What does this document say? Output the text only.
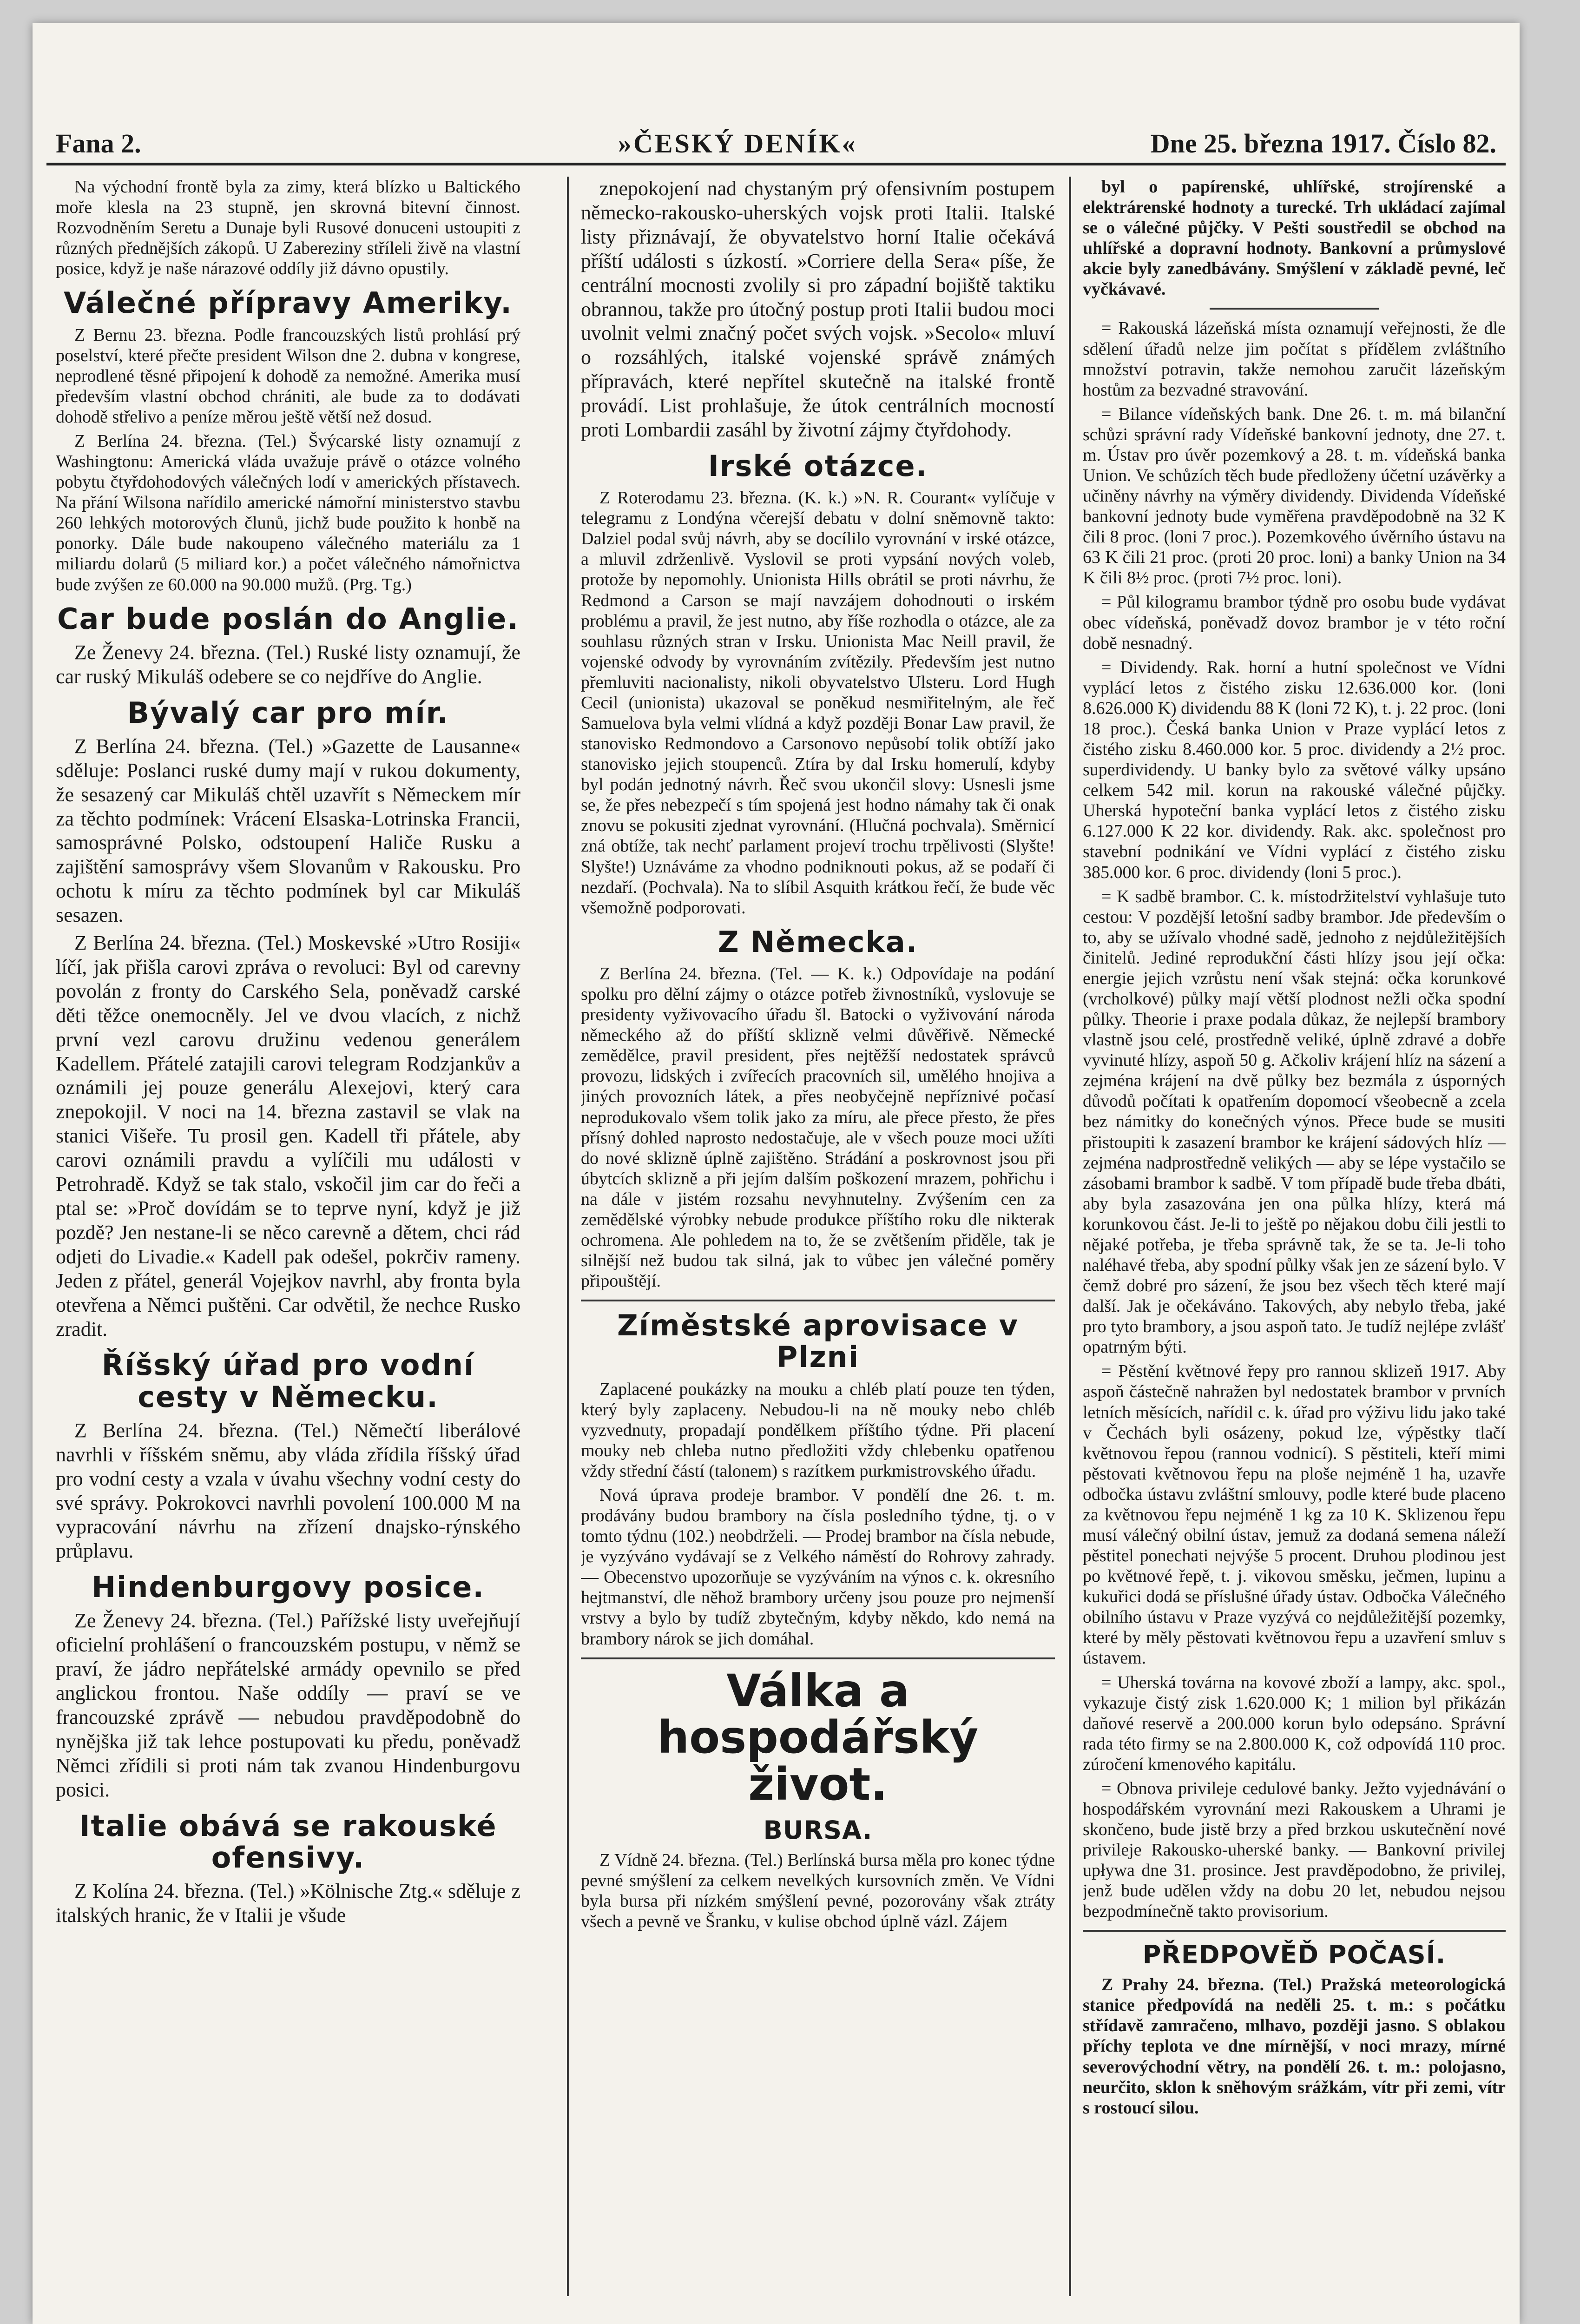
Fana 2.	»ČESKÝ DENÍK«	Dne 25. března 1917. Číslo 82.

Na východní frontě byla za zimy, která blízko u Baltického moře klesla na 23 stupně, jen skrovná bitevní činnost. Rozvodněním Seretu a Dunaje byli Rusové donuceni ustoupiti z různých přednějších zákopů. U Zabereziny stříleli živě na vlastní posice, když je naše nárazové oddíly již dávno opustily.

Válečné přípravy Ameriky.

Z Bernu 23. března. Podle francouzských listů prohlásí prý poselství, které přečte president Wilson dne 2. dubna v kongrese, neprodlené těsné připojení k dohodě za nemožné. Amerika musí především vlastní obchod chrániti, ale bude za to dodávati dohodě střelivo a peníze měrou ještě větší než dosud.

Z Berlína 24. března. (Tel.) Švýcarské listy oznamují z Washingtonu: Americká vláda uvažuje právě o otázce volného pobytu čtyřdohodových válečných lodí v amerických přístavech. Na přání Wilsona nařídilo americké námořní ministerstvo stavbu 260 lehkých motorových člunů, jichž bude použito k honbě na ponorky. Dále bude nakoupeno válečného materiálu za 1 miliardu dolarů (5 miliard kor.) a počet válečného námořnictva bude zvýšen ze 60.000 na 90.000 mužů. (Prg. Tg.)

Car bude poslán do Anglie.

Ze Ženevy 24. března. (Tel.) Ruské listy oznamují, že car ruský Mikuláš odebere se co nejdříve do Anglie.

Bývalý car pro mír.

Z Berlína 24. března. (Tel.) »Gazette de Lausanne« sděluje: Poslanci ruské dumy mají v rukou dokumenty, že sesazený car Mikuláš chtěl uzavřít s Německem mír za těchto podmínek: Vrácení Elsaska-Lotrinska Francii, samosprávné Polsko, odstoupení Haliče Rusku a zajištění samosprávy všem Slovanům v Rakousku. Pro ochotu k míru za těchto podmínek byl car Mikuláš sesazen.

Z Berlína 24. března. (Tel.) Moskevské »Utro Rosiji« líčí, jak přišla carovi zpráva o revoluci: Byl od carevny povolán z fronty do Carského Sela, poněvadž carské děti těžce onemocněly. Jel ve dvou vlacích, z nichž první vezl carovu družinu vedenou generálem Kadellem. Přátelé zatajili carovi telegram Rodzjankův a oznámili jej pouze generálu Alexejovi, který cara znepokojil. V noci na 14. března zastavil se vlak na stanici Višeře. Tu prosil gen. Kadell tři přátele, aby carovi oznámili pravdu a vylíčili mu události v Petrohradě. Když se tak stalo, vskočil jim car do řeči a ptal se: »Proč dovídám se to teprve nyní, když je již pozdě? Jen nestane-li se něco carevně a dětem, chci rád odjeti do Livadie.« Kadell pak odešel, pokrčiv rameny. Jeden z přátel, generál Vojejkov navrhl, aby fronta byla otevřena a Němci puštěni. Car odvětil, že nechce Rusko zradit.

Říšský úřad pro vodní cesty v Německu.

Z Berlína 24. března. (Tel.) Němečtí liberálové navrhli v říšském sněmu, aby vláda zřídila říšský úřad pro vodní cesty a vzala v úvahu všechny vodní cesty do své správy. Pokrokovci navrhli povolení 100.000 M na vypracování návrhu na zřízení dnajsko-rýnského průplavu.

Hindenburgovy posice.

Ze Ženevy 24. března. (Tel.) Pařížské listy uveřejňují oficielní prohlášení o francouzském postupu, v němž se praví, že jádro nepřátelské armády opevnilo se před anglickou frontou. Naše oddíly — praví se ve francouzské zprávě — nebudou pravděpodobně do nynějška již tak lehce postupovati ku předu, poněvadž Němci zřídili si proti nám tak zvanou Hindenburgovu posici.

Italie obává se rakouské ofensivy.

Z Kolína 24. března. (Tel.) »Kölnische Ztg.« sděluje z italských hranic, že v Italii je všude

znepokojení nad chystaným prý ofensivním postupem německo-rakousko-uherských vojsk proti Italii. Italské listy přiznávají, že obyvatelstvo horní Italie očekává příští události s úzkostí. »Corriere della Sera« píše, že centrální mocnosti zvolily si pro západní bojiště taktiku obrannou, takže pro útočný postup proti Italii budou moci uvolnit velmi značný počet svých vojsk. »Secolo« mluví o rozsáhlých, italské vojenské správě známých přípravách, které nepřítel skutečně na italské frontě provádí. List prohlašuje, že útok centrálních mocností proti Lombardii zasáhl by životní zájmy čtyřdohody.

Irské otázce.

Z Roterodamu 23. března. (K. k.) »N. R. Courant« vylíčuje v telegramu z Londýna včerejší debatu v dolní sněmovně takto: Dalziel podal svůj návrh, aby se docílilo vyrovnání v irské otázce, a mluvil zdrženlivě. Vyslovil se proti vypsání nových voleb, protože by nepomohly. Unionista Hills obrátil se proti návrhu, že Redmond a Carson se mají navzájem dohodnouti o irském problému a pravil, že jest nutno, aby říše rozhodla o otázce, ale za souhlasu různých stran v Irsku. Unionista Mac Neill pravil, že vojenské odvody by vyrovnáním zvítězily. Především jest nutno přemluviti nacionalisty, nikoli obyvatelstvo Ulsteru. Lord Hugh Cecil (unionista) ukazoval se poněkud nesmiřitelným, ale řeč Samuelova byla velmi vlídná a když později Bonar Law pravil, že stanovisko Redmondovo a Carsonovo nepůsobí tolik obtíží jako stanovisko jejich stoupenců. Ztíra by dal Irsku homerulí, kdyby byl podán jednotný návrh. Řeč svou ukončil slovy: Usnesli jsme se, že přes nebezpečí s tím spojená jest hodno námahy tak či onak znovu se pokusiti zjednat vyrovnání. (Hlučná pochvala). Směrnicí zná obtíže, tak nechť parlament projeví trochu trpělivosti (Slyšte! Slyšte!) Uznáváme za vhodno podniknouti pokus, až se podaří či nezdaří. (Pochvala). Na to slíbil Asquith krátkou řečí, že bude věc všemožně podporovati.

Z Německa.

Z Berlína 24. března. (Tel. — K. k.) Odpovídaje na podání spolku pro dělní zájmy o otázce potřeb živnostníků, vyslovuje se presidenty vyživovacího úřadu šl. Batocki o vyživování národa německého až do příští sklizně velmi důvěřivě. Německé zemědělce, pravil president, přes nejtěžší nedostatek správců provozu, lidských i zvířecích pracovních sil, umělého hnojiva a jiných provozních látek, a přes neobyčejně nepříznivé počasí neprodukovalo všem tolik jako za míru, ale přece přesto, že přes přísný dohled naprosto nedostačuje, ale v všech pouze moci užíti do nové sklizně úplně zajištěno. Strádání a poskrovnost jsou při úbytcích sklizně a při jejím dalším poškození mrazem, pohřichu i na dále v jistém rozsahu nevyhnutelny. Zvýšením cen za zemědělské výrobky nebude produkce příštího roku dle nikterak ochromena. Ale pohledem na to, že se zvětšením přiděle, tak je silnější než budou tak silná, jak to vůbec jen válečné poměry připouštějí.

Zíměstské aprovisace v Plzni

Zaplacené poukázky na mouku a chléb platí pouze ten týden, který byly zaplaceny. Nebudou-li na ně mouky nebo chléb vyzvednuty, propadají pondělkem příštího týdne. Při placení mouky neb chleba nutno předložiti vždy chlebenku opatřenou vždy střední částí (talonem) s razítkem purkmistrovského úřadu.

Nová úprava prodeje brambor. V pondělí dne 26. t. m. prodávány budou brambory na čísla posledního týdne, tj. o v tomto týdnu (102.) neobdrželi. — Prodej brambor na čísla nebude, je vyzýváno vydávají se z Velkého náměstí do Rohrovy zahrady. — Obecenstvo upozorňuje se vyzýváním na výnos c. k. okresního hejtmanství, dle něhož brambory určeny jsou pouze pro nejmenší vrstvy a bylo by tudíž zbytečným, kdyby někdo, kdo nemá na brambory nárok se jich domáhal.

Válka a hospodářský život.
BURSA.

Z Vídně 24. března. (Tel.) Berlínská bursa měla pro konec týdne pevné smýšlení za celkem nevelkých kursovních změn. Ve Vídni byla bursa při nízkém smýšlení pevné, pozorovány však ztráty všech a pevně ve Šranku, v kulise obchod úplně vázl. Zájem

byl o papírenské, uhlířské, strojírenské a elektrárenské hodnoty a turecké. Trh ukládací zajímal se o válečné půjčky. V Pešti soustředil se obchod na uhlířské a dopravní hodnoty. Bankovní a průmyslové akcie byly zanedbávány. Smýšlení v základě pevné, leč vyčkávavé.

= Rakouská lázeňská místa oznamují veřejnosti, že dle sdělení úřadů nelze jim počítat s přídělem zvláštního množství potravin, takže nemohou zaručit lázeňským hostům za bezvadné stravování.

= Bilance vídeňských bank. Dne 26. t. m. má bilanční schůzi správní rady Vídeňské bankovní jednoty, dne 27. t. m. Ústav pro úvěr pozemkový a 28. t. m. vídeňská banka Union. Ve schůzích těch bude předloženy účetní uzávěrky a učiněny návrhy na výměry dividendy. Dividenda Vídeňské bankovní jednoty bude vyměřena pravděpodobně na 32 K čili 8 proc. (loni 7 proc.). Pozemkového úvěrního ústavu na 63 K čili 21 proc. (proti 20 proc. loni) a banky Union na 34 K čili 8½ proc. (proti 7½ proc. loni).

= Půl kilogramu brambor týdně pro osobu bude vydávat obec vídeňská, poněvadž dovoz brambor je v této roční době nesnadný.

= Dividendy. Rak. horní a hutní společnost ve Vídni vyplácí letos z čistého zisku 12.636.000 kor. (loni 8.626.000 K) dividendu 88 K (loni 72 K), t. j. 22 proc. (loni 18 proc.). Česká banka Union v Praze vyplácí letos z čistého zisku 8.460.000 kor. 5 proc. dividendy a 2½ proc. superdividendy. U banky bylo za světové války upsáno celkem 542 mil. korun na rakouské válečné půjčky. Uherská hypoteční banka vyplácí letos z čistého zisku 6.127.000 K 22 kor. dividendy. Rak. akc. společnost pro stavební podnikání ve Vídni vyplácí z čistého zisku 385.000 kor. 6 proc. dividendy (loni 5 proc.).

= K sadbě brambor. C. k. místodržitelství vyhlašuje tuto cestou: V pozdější letošní sadby brambor. Jde především o to, aby se užívalo vhodné sadě, jednoho z nejdůležitějších činitelů. Jediné reprodukční části hlízy jsou její očka: energie jejich vzrůstu není však stejná: očka korunkové (vrcholkové) půlky mají větší plodnost nežli očka spodní půlky. Theorie i praxe podala důkaz, že nejlepší brambory vlastně jsou celé, prostředně veliké, úplně zdravé a dobře vyvinuté hlízy, aspoň 50 g. Ačkoliv krájení hlíz na sázení a zejména krájení na dvě půlky bez bezmála z úsporných důvodů počítati k opatřením dopomocí všeobecně a zcela bez námitky do konečných výnos. Přece bude se musiti přistoupiti k zasazení brambor ke krájení sádových hlíz — zejména nadprostředně velikých — aby se lépe vystačilo se zásobami brambor k sadbě. V tom případě bude třeba dbáti, aby byla zasazována jen ona půlka hlízy, která má korunkovou část. Je-li to ještě po nějakou dobu čili jestli to nějaké potřeba, je třeba správně tak, že se ta. Je-li toho naléhavé třeba, aby spodní půlky však jen ze sázení bylo. V čemž dobré pro sázení, že jsou bez všech těch které mají další. Jak je očekáváno. Takových, aby nebylo třeba, jaké pro tyto brambory, a jsou aspoň tato. Je tudíž nejlépe zvlášť opatrným býti.

= Pěstění květnové řepy pro rannou sklizeň 1917. Aby aspoň částečně nahražen byl nedostatek brambor v prvních letních měsících, nařídil c. k. úřad pro výživu lidu jako také v Čechách byli osázeny, pokud lze, výpěstky tlačí květnovou řepou (rannou vodnicí). S pěstiteli, kteří mimi pěstovati květnovou řepu na ploše nejméně 1 ha, uzavře odbočka ústavu zvláštní smlouvy, podle které bude placeno za květnovou řepu nejméně 1 kg za 10 K. Sklizenou řepu musí válečný obilní ústav, jemuž za dodaná semena náleží pěstitel ponechati nejvýše 5 procent. Druhou plodinou jest po květnové řepě, t. j. vikovou směsku, ječmen, lupinu a kukuřici dodá se příslušné úřady ústav. Odbočka Válečného obilního ústavu v Praze vyzývá co nejdůležitější pozemky, které by měly pěstovati květnovou řepu a uzavření smluv s ústavem.

= Uherská továrna na kovové zboží a lampy, akc. spol., vykazuje čistý zisk 1.620.000 K; 1 milion byl přikázán daňové reservě a 200.000 korun bylo odepsáno. Správní rada této firmy se na 2.800.000 K, což odpovídá 110 proc. zúročení kmenového kapitálu.

= Obnova privileje cedulové banky. Ježto vyjednávání o hospodářském vyrovnání mezi Rakouskem a Uhrami je skončeno, bude jistě brzy a před brzkou uskutečnění nové privileje Rakousko-uherské banky. — Bankovní privilej upływa dne 31. prosince. Jest pravděpodobno, že privilej, jenž bude udělen vždy na dobu 20 let, nebudou nejsou bezpodmínečně takto provisorium.

PŘEDPOVĚĎ POČASÍ.

Z Prahy 24. března. (Tel.) Pražská meteorologická stanice předpovídá na neděli 25. t. m.: s počátku střídavě zamračeno, mlhavo, později jasno. S oblakou příchy teplota ve dne mírnější, v noci mrazy, mírné severovýchodní větry, na pondělí 26. t. m.: polojasno, neurčito, sklon k sněhovým srážkám, vítr při zemi, vítr s rostoucí silou.
